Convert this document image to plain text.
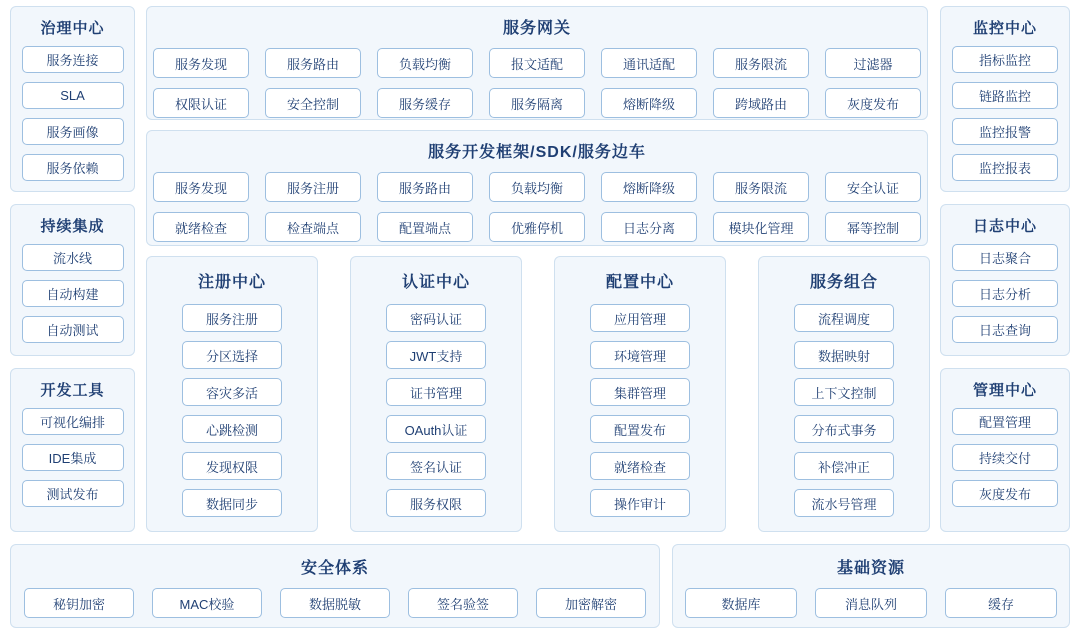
治理中心
服务连接
SLA
服务画像
服务依赖
持续集成
流水线
自动构建
自动测试
开发工具
可视化编排
IDE集成
测试发布
服务网关
服务发现	服务路由	负载均衡	报文适配	通讯适配	服务限流	过滤器
权限认证	安全控制	服务缓存	服务隔离	熔断降级	跨域路由	灰度发布
服务开发框架/SDK/服务边车
服务发现	服务注册	服务路由	负载均衡	熔断降级	服务限流	安全认证
就绪检查	检查端点	配置端点	优雅停机	日志分离	模块化管理	幂等控制
注册中心
服务注册
分区选择
容灾多活
心跳检测
发现权限
数据同步
认证中心
密码认证
JWT支持
证书管理
OAuth认证
签名认证
服务权限
配置中心
应用管理
环境管理
集群管理
配置发布
就绪检查
操作审计
服务组合
流程调度
数据映射
上下文控制
分布式事务
补偿冲正
流水号管理
监控中心
指标监控
链路监控
监控报警
监控报表
日志中心
日志聚合
日志分析
日志查询
管理中心
配置管理
持续交付
灰度发布
安全体系
秘钥加密	MAC校验	数据脱敏	签名验签	加密解密
基础资源
数据库	消息队列	缓存
